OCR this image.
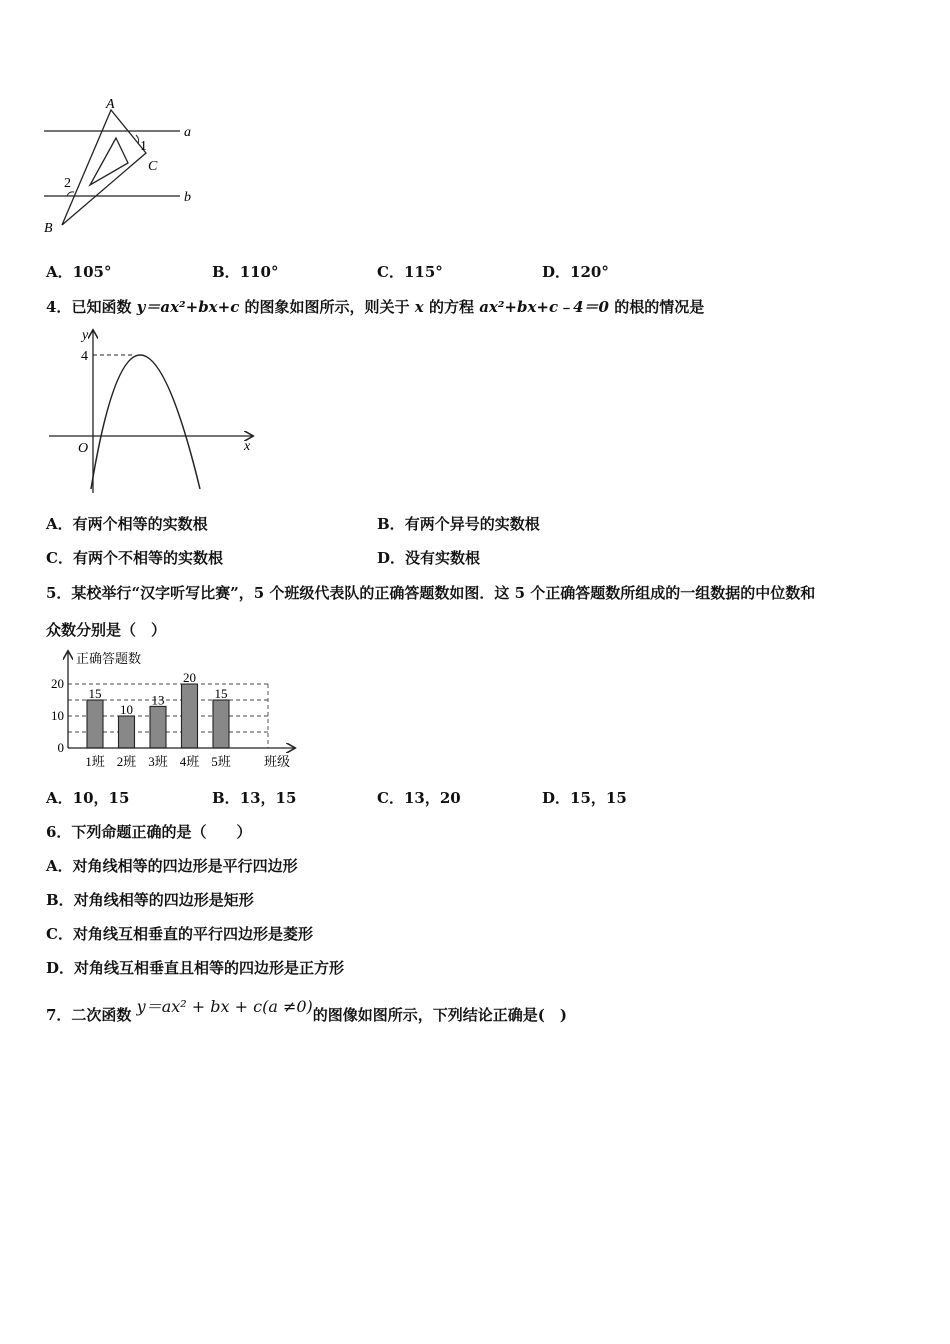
A
a
1
C
2
b
B
A．105°	B．110°	C．115°	D．120°
4．已知函数 y＝ax²+bx+c 的图象如图所示，则关于 x 的方程 ax²+bx+c﹣4＝0 的根的情况是
y
4
O	x
A．有两个相等的实数根	B．有两个异号的实数根
C．有两个不相等的实数根	D．没有实数根
5．某校举行“汉字听写比赛”，5 个班级代表队的正确答题数如图．这 5 个正确答题数所组成的一组数据的中位数和
众数分别是（　）
15
10
13
20
15
正确答题数
班级
0
10
20
1班 2班 3班 4班 5班
A．10，15	B．13，15	C．13，20	D．15，15
6．下列命题正确的是（　　）
A．对角线相等的四边形是平行四边形
B．对角线相等的四边形是矩形
C．对角线互相垂直的平行四边形是菱形
D．对角线互相垂直且相等的四边形是正方形
7．二次函数 y＝ax² + bx + c(a ≠0)的图像如图所示，下列结论正确是(　)
